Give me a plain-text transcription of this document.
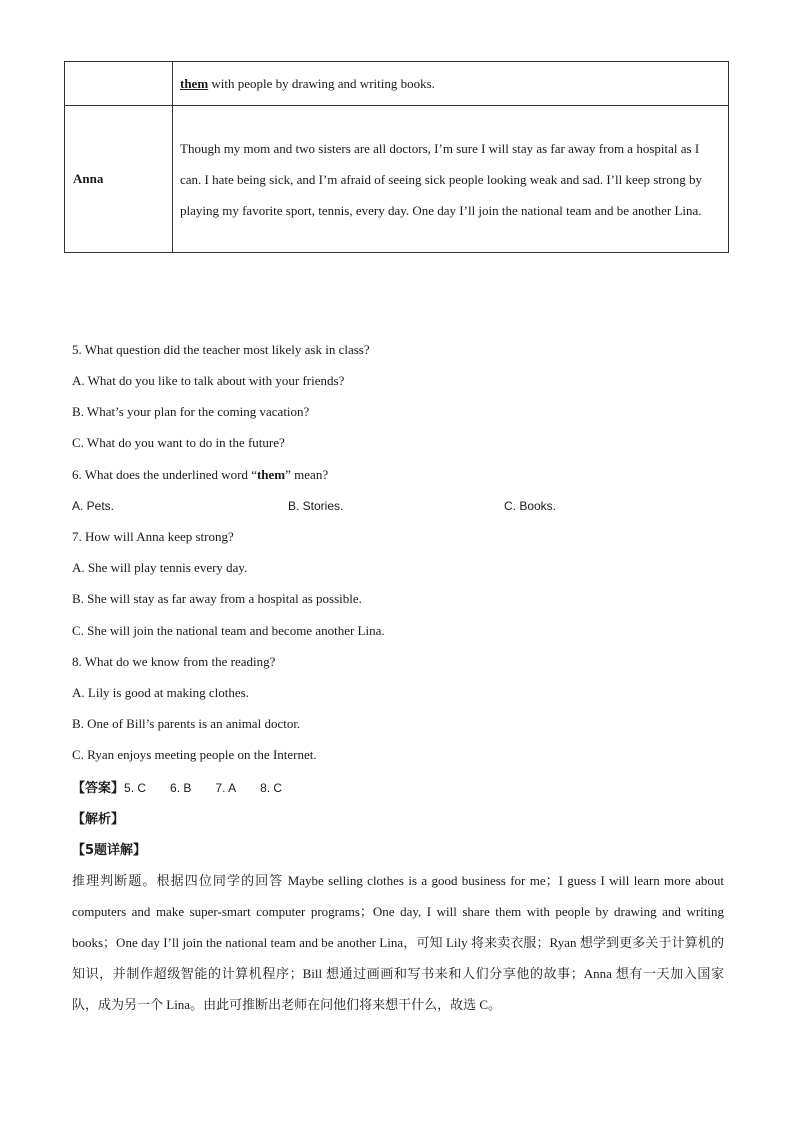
	them with people by drawing and writing books.
Anna	Though my mom and two sisters are all doctors, I’m sure I will stay as far away from a hospital as I can. I hate being sick, and I’m afraid of seeing sick people looking weak and sad. I’ll keep strong by playing my favorite sport, tennis, every day. One day I’ll join the national team and be another Lina.
5. What question did the teacher most likely ask in class?
A. What do you like to talk about with your friends?
B. What’s your plan for the coming vacation?
C. What do you want to do in the future?
6. What does the underlined word “them” mean?
A. Pets.	B. Stories.	C. Books.
7. How will Anna keep strong?
A. She will play tennis every day.
B. She will stay as far away from a hospital as possible.
C. She will join the national team and become another Lina.
8. What do we know from the reading?
A. Lily is good at making clothes.
B. One of Bill’s parents is an animal doctor.
C. Ryan enjoys meeting people on the Internet.
【答案】5. C 6. B 7. A 8. C
【解析】
【5题详解】
推理判断题。根据四位同学的回答 Maybe selling clothes is a good business for me；I guess I will learn more about computers and make super-smart computer programs；One day, I will share them with people by drawing and writing books；One day I’ll join the national team and be another Lina，可知 Lily 将来卖衣服；Ryan 想学到更多关于计算机的知识，并制作超级智能的计算机程序；Bill 想通过画画和写书来和人们分享他的故事；Anna 想有一天加入国家队，成为另一个 Lina。由此可推断出老师在问他们将来想干什么，故选 C。
